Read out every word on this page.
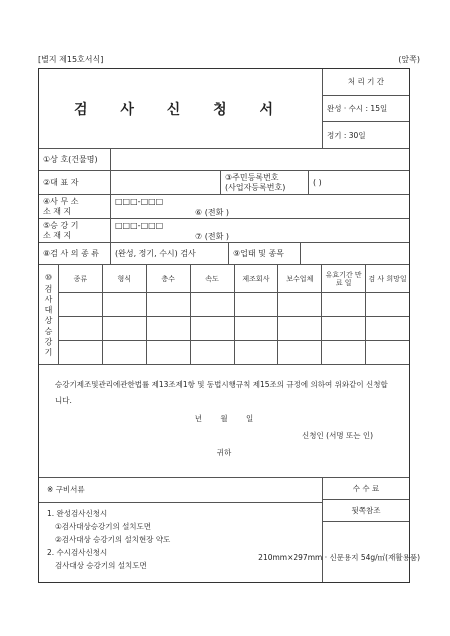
[별지 제15호서식]	(앞쪽)
검 사 신 청 서
처 리 기 간
완성 · 수시 : 15일
정기 : 30일
①상 호(건물명)
②대 표 자
③주민등록번호
(사업자등록번호)	( )
④사 무 소
소 재 지
□□□-□□□
⑥ (전화 )
⑤승 강 기
소 재 지
□□□-□□□
⑦ (전화 )
⑧검 사 의 종 류	(완성, 정기, 수시) 검사	⑨업태 및 종목
⑩ 검 사 대 상 승 강 기	종류	형식	층수	속도	제조회사	보수업체	유효기간 만 료 일	검 사 희망일
승강기제조및관리에관한법률 제13조제1항 및 동법시행규칙 제15조의 규정에 의하여 위와같이 신청합니다.
년 월 일
신청인 (서명 또는 인)
귀하
※ 구비서류
1. 완성검사신청시
①검사대상승강기의 설치도면
②검사대상 승강기의 설치현장 약도
2. 수시검사신청시
검사대상 승강기의 설치도면
수 수 료
뒷쪽참조
210mm×297mm · 신문용지 54g/㎡(재활용품)
